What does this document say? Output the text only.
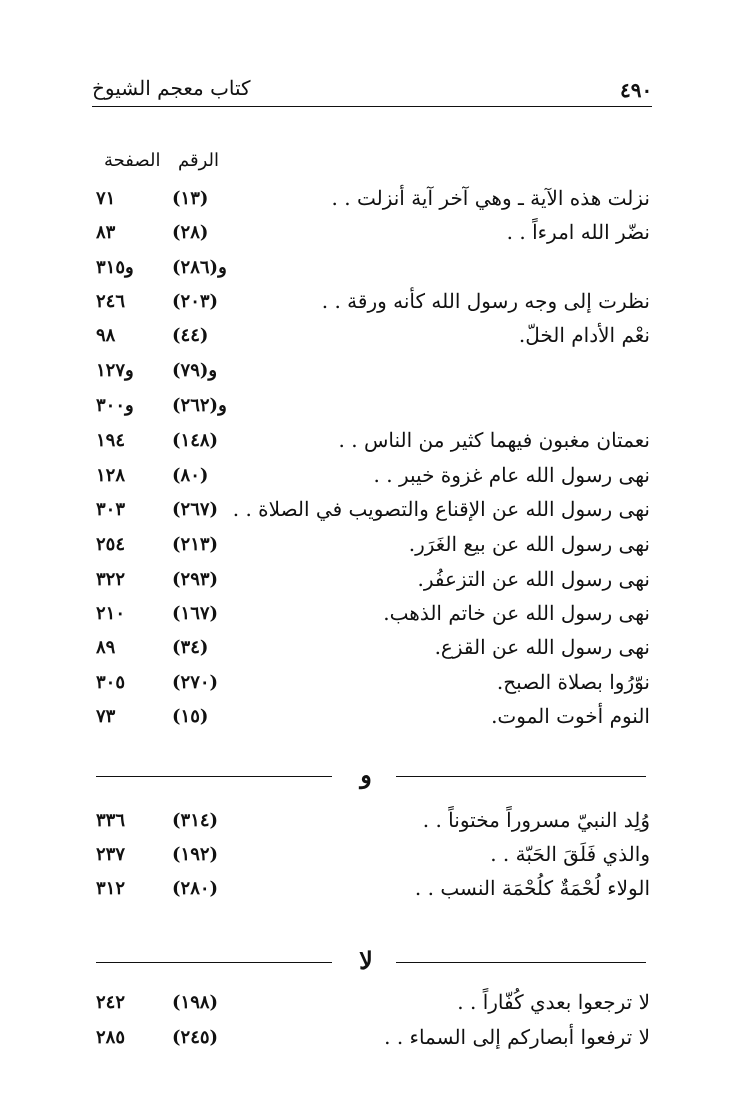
كتاب معجم الشيوخ	٤٩٠
الصفحة الرقم
نزلت هذه الآية ـ وهي آخر آية أنزلت . .
(١٣)
٧١
نضّر الله امرءاً . .
(٢٨)
٨٣
و(٢٨٦)
و٣١٥
نظرت إلى وجه رسول الله كأنه ورقة . .
(٢٠٣)
٢٤٦
نعْم الأدام الخلّ.
(٤٤)
٩٨
و(٧٩)
و١٢٧
و(٢٦٢)
و٣٠٠
نعمتان مغبون فيهما كثير من الناس . .
(١٤٨)
١٩٤
نهى رسول الله عام غزوة خيبر . .
(٨٠)
١٢٨
نهى رسول الله عن الإقناع والتصويب في الصلاة . .
(٢٦٧)
٣٠٣
نهى رسول الله عن بيع الغَرَر.
(٢١٣)
٢٥٤
نهى رسول الله عن التزعفُر.
(٢٩٣)
٣٢٢
نهى رسول الله عن خاتم الذهب.
(١٦٧)
٢١٠
نهى رسول الله عن القزع.
(٣٤)
٨٩
نوّرُوا بصلاة الصبح.
(٢٧٠)
٣٠٥
النوم أخوت الموت.
(١٥)
٧٣
و
وُلِد النبيّ مسروراً مختوناً . .
(٣١٤)
٣٣٦
والذي فَلَقَ الحَبّة . .
(١٩٢)
٢٣٧
الولاء لُحْمَةٌ كلُحْمَة النسب . .
(٢٨٠)
٣١٢
لا
لا ترجعوا بعدي كُفّاراً . .
(١٩٨)
٢٤٢
لا ترفعوا أبصاركم إلى السماء . .
(٢٤٥)
٢٨٥
